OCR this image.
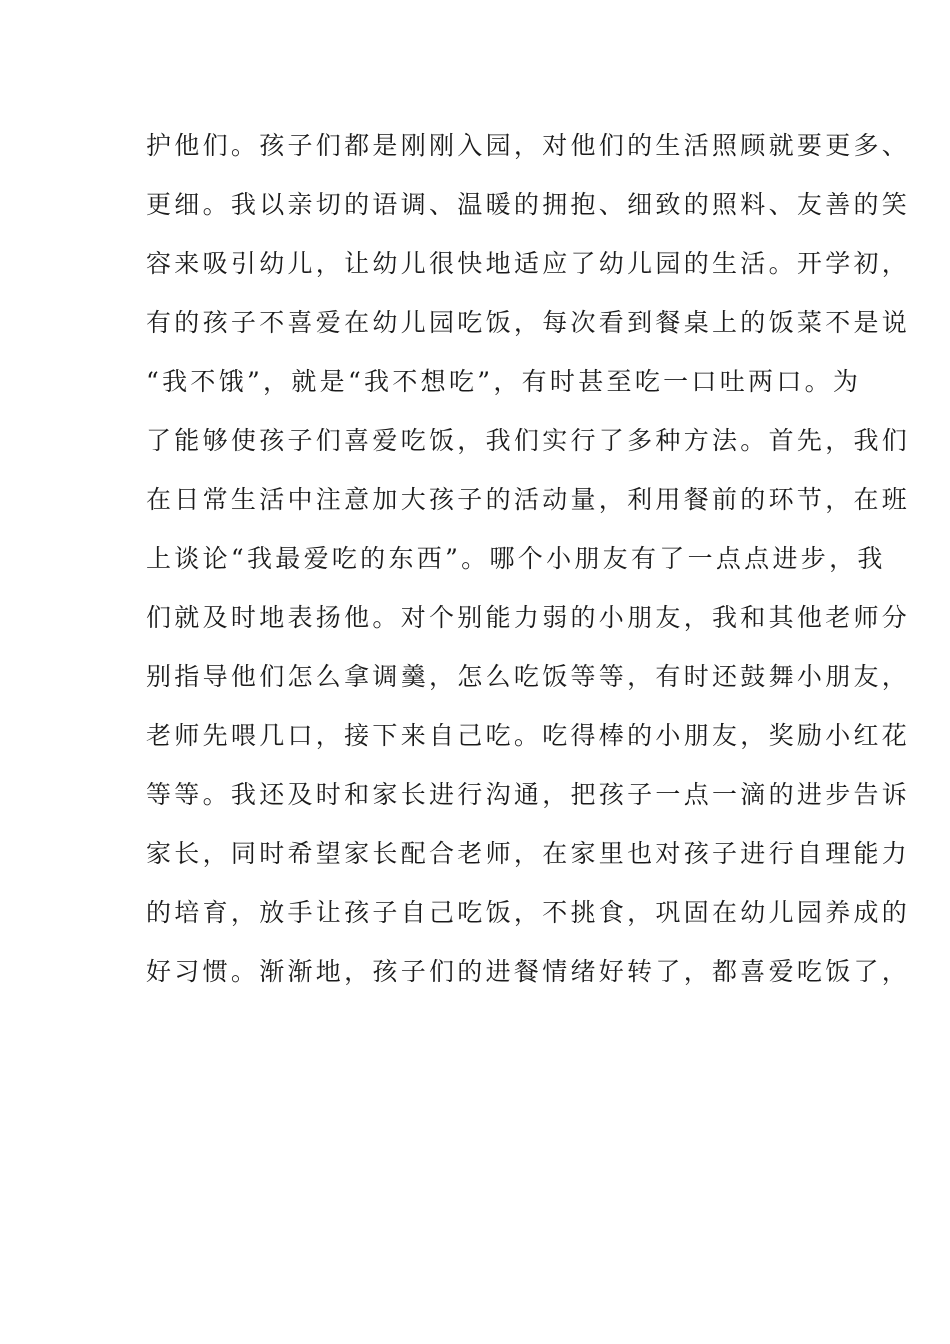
护他们。孩子们都是刚刚入园，对他们的生活照顾就要更多、
更细。我以亲切的语调、温暖的拥抱、细致的照料、友善的笑
容来吸引幼儿，让幼儿很快地适应了幼儿园的生活。开学初，
有的孩子不喜爱在幼儿园吃饭，每次看到餐桌上的饭菜不是说
“我不饿”，就是“我不想吃”，有时甚至吃一口吐两口。为
了能够使孩子们喜爱吃饭，我们实行了多种方法。首先，我们
在日常生活中注意加大孩子的活动量，利用餐前的环节，在班
上谈论“我最爱吃的东西”。哪个小朋友有了一点点进步，我
们就及时地表扬他。对个别能力弱的小朋友，我和其他老师分
别指导他们怎么拿调羹，怎么吃饭等等，有时还鼓舞小朋友，
老师先喂几口，接下来自己吃。吃得棒的小朋友，奖励小红花
等等。我还及时和家长进行沟通，把孩子一点一滴的进步告诉
家长，同时希望家长配合老师，在家里也对孩子进行自理能力
的培育，放手让孩子自己吃饭，不挑食，巩固在幼儿园养成的
好习惯。渐渐地，孩子们的进餐情绪好转了，都喜爱吃饭了，
